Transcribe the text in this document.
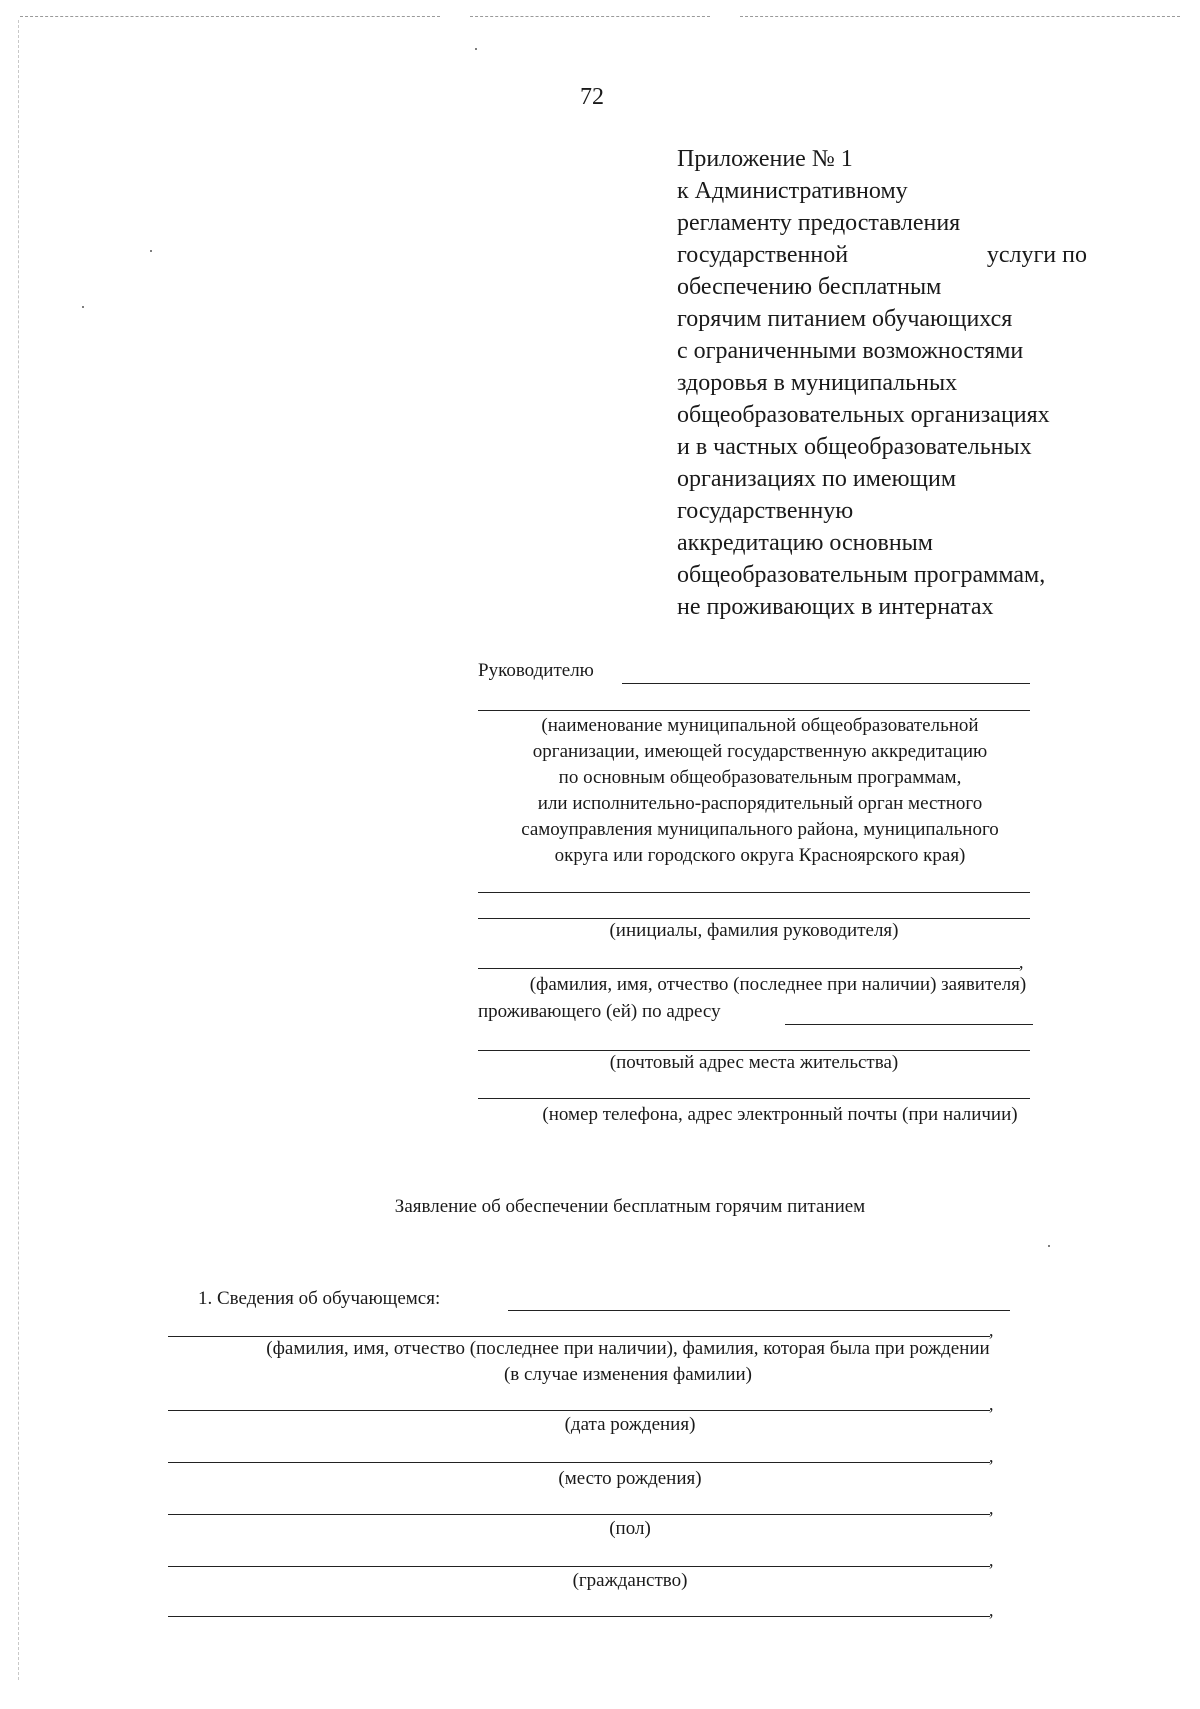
72
Приложение № 1
к Административному
регламенту предоставления
государственной	услуги по
обеспечению бесплатным
горячим питанием обучающихся
с ограниченными возможностями
здоровья в муниципальных
общеобразовательных организациях
и в частных общеобразовательных
организациях по имеющим
государственную
аккредитацию основным
общеобразовательным программам,
не проживающих в интернатах
Руководителю
(наименование муниципальной общеобразовательной
организации, имеющей государственную аккредитацию
по основным общеобразовательным программам,
или исполнительно-распорядительный орган местного
самоуправления муниципального района, муниципального
округа или городского округа Красноярского края)
(инициалы, фамилия руководителя)
,
(фамилия, имя, отчество (последнее при наличии) заявителя)
проживающего (ей) по адресу
(почтовый адрес места жительства)
(номер телефона, адрес электронный почты (при наличии)
Заявление об обеспечении бесплатным горячим питанием
1. Сведения об обучающемся:
,
(фамилия, имя, отчество (последнее при наличии), фамилия, которая была при рождении
(в случае изменения фамилии)
,
(дата рождения)
,
(место рождения)
,
(пол)
,
(гражданство)
,
